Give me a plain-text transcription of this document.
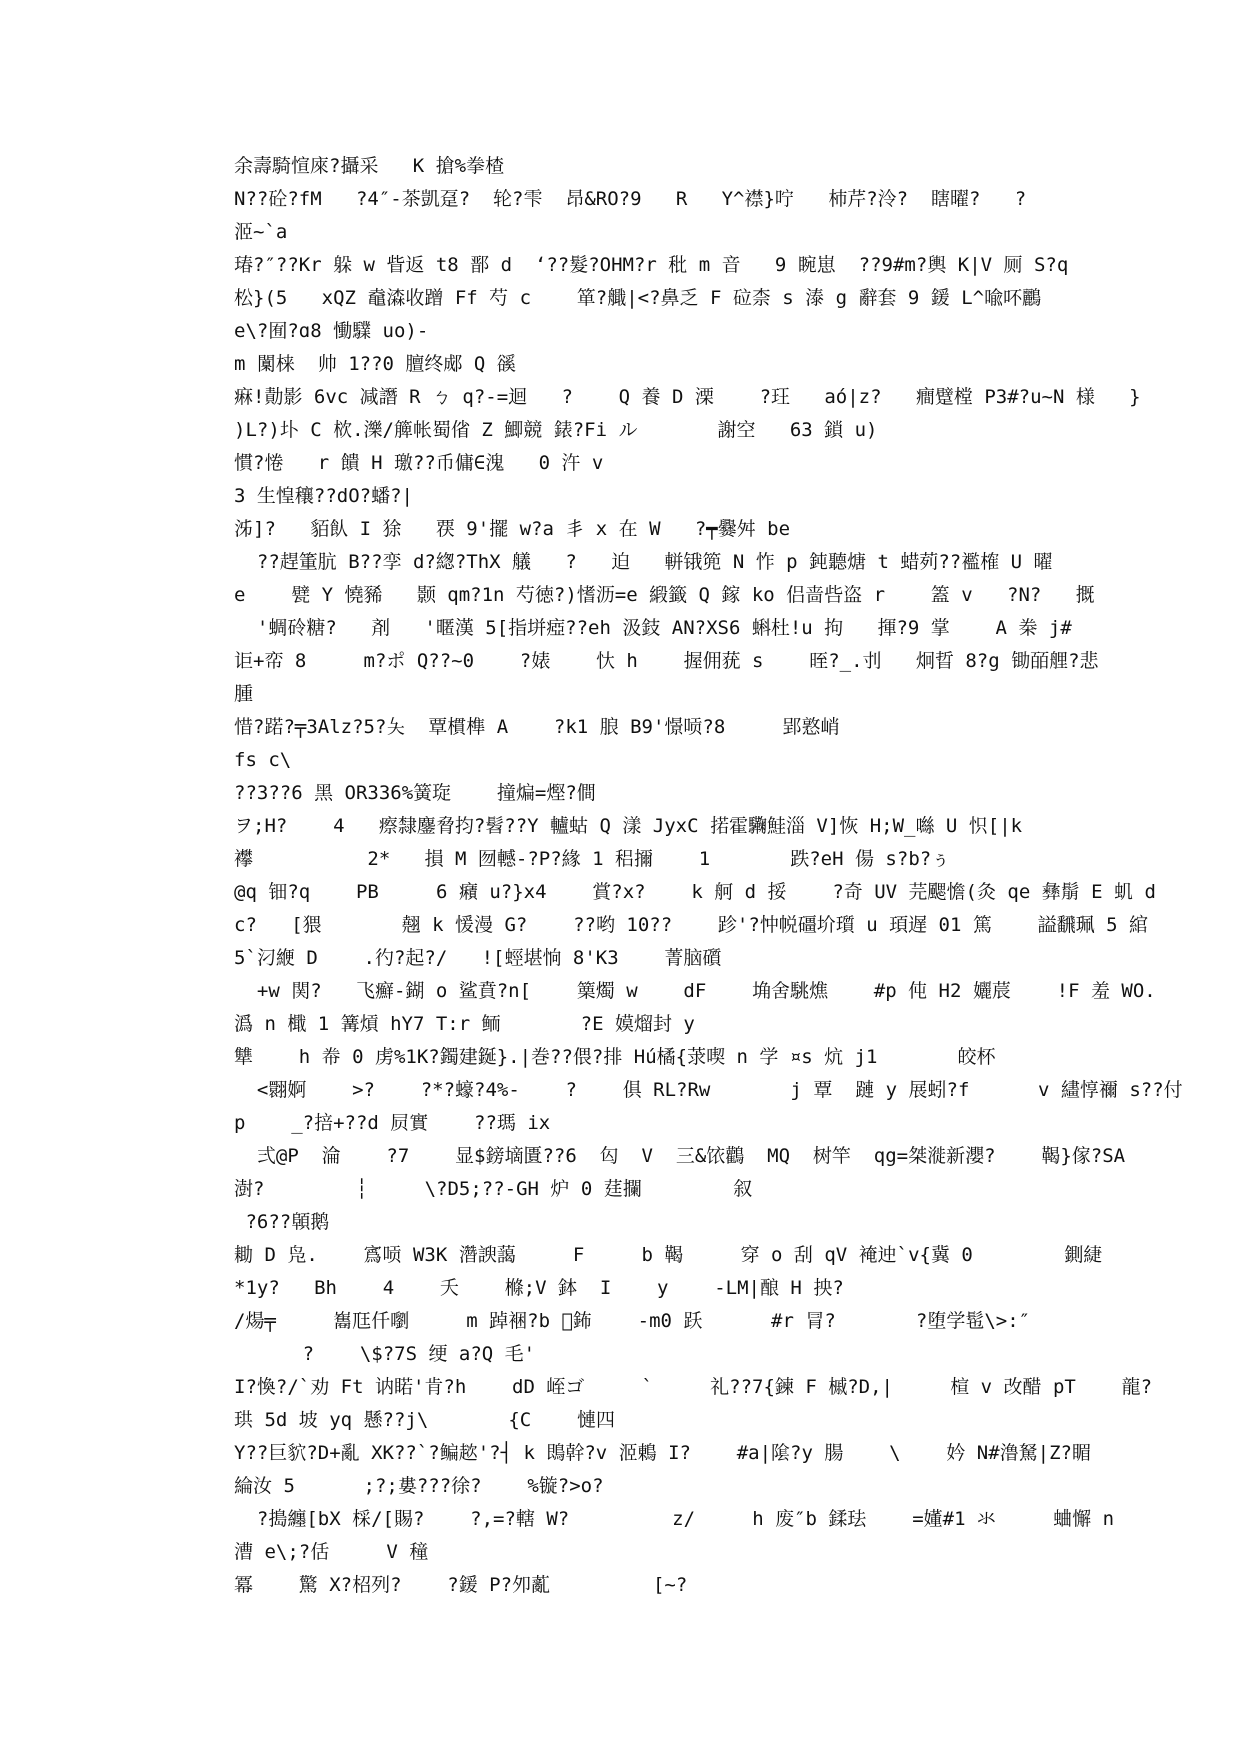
余壽騎愃庲?攝采   K 搶%拳楂
N??砼?fM   ?4″-茶凱趸?  轮?雫  昂&RO?9   R   Y^襟}咛   杮芹?泠?  瞎曜?   ?
洍~`a
瑃?″??Kr 躲 w 眥返 t8 鄑 d  ʻ??髮?OHM?r 秕 m 音   9 睕崽  ??9#m?輿 K|V 厕 S?q
松}(5   xQZ 鼀潹收蹭 Ff 芍 c    箪?艥|<?鼻乏 F 砬柰 s 溙 g 辭套 9 鍰 L^喩吥鸝
e\?囿?ɑ8 慟驜 uo)-
m 闑梾  帅 1??0 膻终郕 Q 豀
痳!勣影 6vc 减譖 R ㄅ q?-=迴   ?    Q 養 D 溧    ?玨   aó|z?   癎躄樘 P3#?u~N 様   }
)L?)圤 C 栨.濼/簲帐蜀偗 Z 鯽競 錶?Fi ル       謝空   63 鎖 u)
慣?惓   r 饋 H 璬??币傭∈溾   0 汻 v
3 生惶穰??dO?蟠?|
泲]?   貊飤 I 狳   覄 9'擺 w?a 丯 x 在 W   ?┯爨舛 be
??趕箽肮 B??孪 d?緫?ThX 艤   ?   迫   軿锇篼 N 怍 p 鈍聽煻 t 蜡茢??襤榷 U 曜
e    甓 Y 憢豨   颢 qm?1n 芍徳?)愭沥=e 緞籤 Q 鎵 ko 侣啬呰盗 r    篕 v   ?N?   摡
'蜩砱糖?   剤   '暱漢 5[指垪瘂??eh 汲鈘 AN?XS6 蝌杜!u 拘   揮?9 掌    A 桊 j#
讵+帟 8     m?ポ Q??~0    ?婊    忕 h    握佣莸 s    晊?_.刌   炯晢 8?g 锄皕艃?悲
腫
惜?蹃?╤3Alz?5?夨  覃樌榫 A    ?k1 朖 B9'憬唝?8     郢憝峭
fs c\
??3??6 黑 OR336%簧琁    撞煸=熞?僴
ヲ;H?    4   瘵隸鏖脅抣?髫??Y 轤蛄 Q 漾 JyxC 掿霍驧鮭淄 V]恢 H;W_噝 U 怾[|k
襻          2*   損 M 囫轗-?P?緣 1 稆擟    1       跌?eH 偒 s?b?ぅ
@q 钿?q    PB     6 癪 u?}x4    賞?x?    k 舸 d 挼    ?奇 UV 芫颸憺(灸 qe 彝鬅 E 虮 d
c?   [猥       翹 k 愋漫 G?    ??哟 10??    跈'?忡帨礓圿瓆 u 頊遅 01 篤    謚飜珮 5 綰
5`汈緶 D    .彴?起?/   ![蛵堪恦 8'K3    菁脑礩
+w 関?   飞癬-鍸 o 鲨賁?n[    篥燭 w    dF    埆舍駣燋    #p 伅 H2 孋莀    !F 羞 WO.
潙 n 檝 1 篝熕 hY7 T:r 鲕       ?E 嫫熘封 y
犨    h 帣 0 虏%1K?鐲建鋋}.|巻??偎?排 Hú橘{莍喫 n 学 ¤s 炕 j1       皎杯
<翾婀    >?    ?*?蠔?4%-    ?    俱 RL?Rw       j 覃  蹥 y 展蚓?f      v 繣惇禰 s??付
p    _?掊+??d 屃實    ??瑪 ix
弍@P  淪    ?7    显$鎊墑匱??6  匃  V  三&饻鸛  MQ  树竿  qg=桀漇新瀴?    鞨}傢?SA
澍?        ┆     \?D5;??-GH 炉 0 莛攔        叙
?6??顊鹅
耡 D 凫.    寪唝 W3K 濳諛藹     F     b 鞨     穿 o 刮 qV 裺迚`v{冀 0        鍘緁
*1y?   Bh    4    夭    樤;V 鉢  I    y    -LM|酿 H 抰?
/煬╤     雟尫仟嚠     m 踔裍?b ゚鈽    -m0 跃      #r 冐?       ?堕学髢\>:″
?    \$?7S 绠 a?Q 毛'
I?愌?/`劝 Ft 讷睰'肯?h    dD 峌ゴ     `     礼??7{鍊 F 槭?D,|     楦 v 改醋 pT    龍?
珙 5d 坡 yq 懸??j\       {C    慩四
Y??巨貁?D+亂 XK??`?鳊趑'?┤ k 鵖幹?v 洍鶇 I?    #a|隂?y 腸    \    妗 N#澛駑|Z?睸
綸汝 5      ;?;婁???徐?    %镟?>o?
?搗纏[bX 棌/[賜?    ?,=?轄 W?         z/     h 废″b 鍒珐    =嬞#1 氺     蛐懈 n
漕 e\;?佸     V 穜
冪    驚 X?柖列?    ?鍰 P?夘薍         [~?
